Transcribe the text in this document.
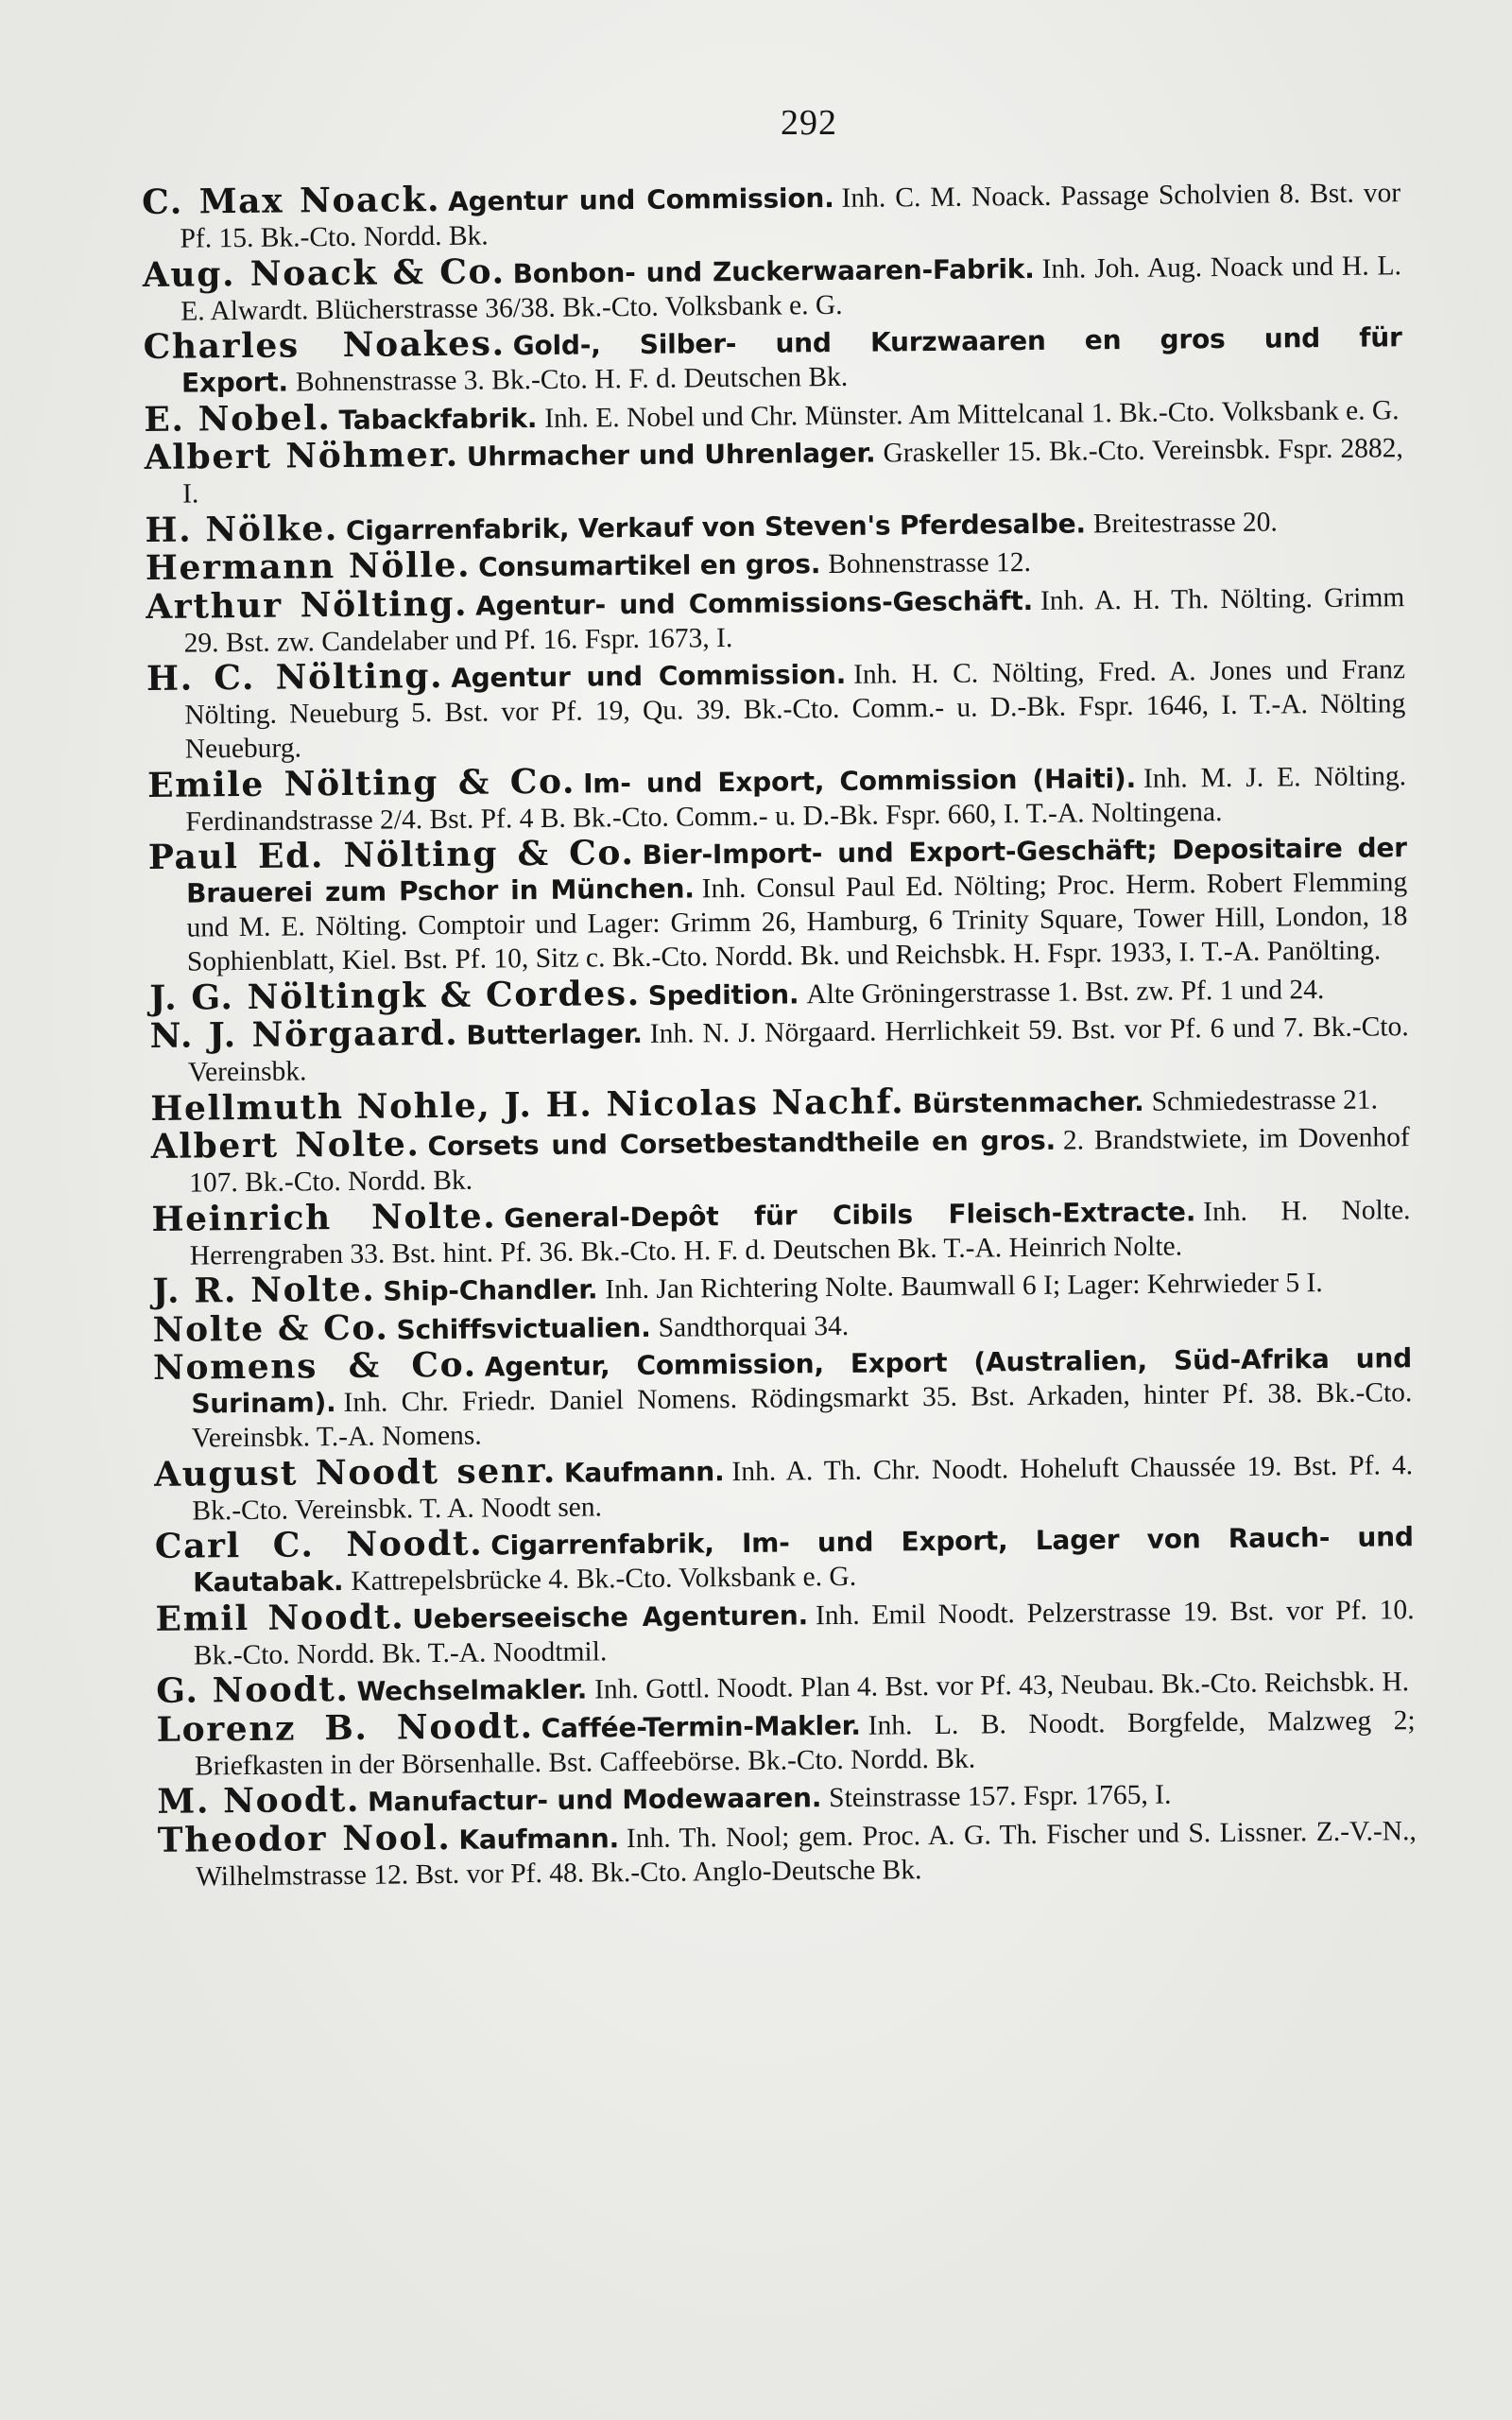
292

C. Max Noack. Agentur und Commission. Inh. C. M. Noack. Passage Scholvien 8. Bst. vor Pf. 15. Bk.-Cto. Nordd. Bk.

Aug. Noack & Co. Bonbon- und Zuckerwaaren-Fabrik. Inh. Joh. Aug. Noack und H. L. E. Alwardt. Blücherstrasse 36/38. Bk.-Cto. Volksbank e. G.

Charles Noakes. Gold-, Silber- und Kurzwaaren en gros und für Export. Bohnenstrasse 3. Bk.-Cto. H. F. d. Deutschen Bk.

E. Nobel. Tabackfabrik. Inh. E. Nobel und Chr. Münster. Am Mittelcanal 1. Bk.-Cto. Volksbank e. G.

Albert Nöhmer. Uhrmacher und Uhrenlager. Graskeller 15. Bk.-Cto. Vereinsbk. Fspr. 2882, I.

H. Nölke. Cigarrenfabrik, Verkauf von Steven's Pferdesalbe. Breitestrasse 20.

Hermann Nölle. Consumartikel en gros. Bohnenstrasse 12.

Arthur Nölting. Agentur- und Commissions-Geschäft. Inh. A. H. Th. Nölting. Grimm 29. Bst. zw. Candelaber und Pf. 16. Fspr. 1673, I.

H. C. Nölting. Agentur und Commission. Inh. H. C. Nölting, Fred. A. Jones und Franz Nölting. Neueburg 5. Bst. vor Pf. 19, Qu. 39. Bk.-Cto. Comm.- u. D.-Bk. Fspr. 1646, I. T.-A. Nölting Neueburg.

Emile Nölting & Co. Im- und Export, Commission (Haiti). Inh. M. J. E. Nölting. Ferdinandstrasse 2/4. Bst. Pf. 4 B. Bk.-Cto. Comm.- u. D.-Bk. Fspr. 660, I. T.-A. Noltingena.

Paul Ed. Nölting & Co. Bier-Import- und Export-Geschäft; Depositaire der Brauerei zum Pschor in München. Inh. Consul Paul Ed. Nölting; Proc. Herm. Robert Flemming und M. E. Nölting. Comptoir und Lager: Grimm 26, Hamburg, 6 Trinity Square, Tower Hill, London, 18 Sophienblatt, Kiel. Bst. Pf. 10, Sitz c. Bk.-Cto. Nordd. Bk. und Reichsbk. H. Fspr. 1933, I. T.-A. Panölting.

J. G. Nöltingk & Cordes. Spedition. Alte Gröningerstrasse 1. Bst. zw. Pf. 1 und 24.

N. J. Nörgaard. Butterlager. Inh. N. J. Nörgaard. Herrlichkeit 59. Bst. vor Pf. 6 und 7. Bk.-Cto. Vereinsbk.

Hellmuth Nohle, J. H. Nicolas Nachf. Bürstenmacher. Schmiedestrasse 21.

Albert Nolte. Corsets und Corsetbestandtheile en gros. 2. Brandstwiete, im Dovenhof 107. Bk.-Cto. Nordd. Bk.

Heinrich Nolte. General-Depôt für Cibils Fleisch-Extracte. Inh. H. Nolte. Herrengraben 33. Bst. hint. Pf. 36. Bk.-Cto. H. F. d. Deutschen Bk. T.-A. Heinrich Nolte.

J. R. Nolte. Ship-Chandler. Inh. Jan Richtering Nolte. Baumwall 6 I; Lager: Kehrwieder 5 I.

Nolte & Co. Schiffsvictualien. Sandthorquai 34.

Nomens & Co. Agentur, Commission, Export (Australien, Süd-Afrika und Surinam). Inh. Chr. Friedr. Daniel Nomens. Rödingsmarkt 35. Bst. Arkaden, hinter Pf. 38. Bk.-Cto. Vereinsbk. T.-A. Nomens.

August Noodt senr. Kaufmann. Inh. A. Th. Chr. Noodt. Hoheluft Chaussée 19. Bst. Pf. 4. Bk.-Cto. Vereinsbk. T. A. Noodt sen.

Carl C. Noodt. Cigarrenfabrik, Im- und Export, Lager von Rauch- und Kautabak. Kattrepelsbrücke 4. Bk.-Cto. Volksbank e. G.

Emil Noodt. Ueberseeische Agenturen. Inh. Emil Noodt. Pelzerstrasse 19. Bst. vor Pf. 10. Bk.-Cto. Nordd. Bk. T.-A. Noodtmil.

G. Noodt. Wechselmakler. Inh. Gottl. Noodt. Plan 4. Bst. vor Pf. 43, Neubau. Bk.-Cto. Reichsbk. H.

Lorenz B. Noodt. Caffée-Termin-Makler. Inh. L. B. Noodt. Borgfelde, Malzweg 2; Briefkasten in der Börsenhalle. Bst. Caffeebörse. Bk.-Cto. Nordd. Bk.

M. Noodt. Manufactur- und Modewaaren. Steinstrasse 157. Fspr. 1765, I.

Theodor Nool. Kaufmann. Inh. Th. Nool; gem. Proc. A. G. Th. Fischer und S. Lissner. Z.-V.-N., Wilhelmstrasse 12. Bst. vor Pf. 48. Bk.-Cto. Anglo-Deutsche Bk.
